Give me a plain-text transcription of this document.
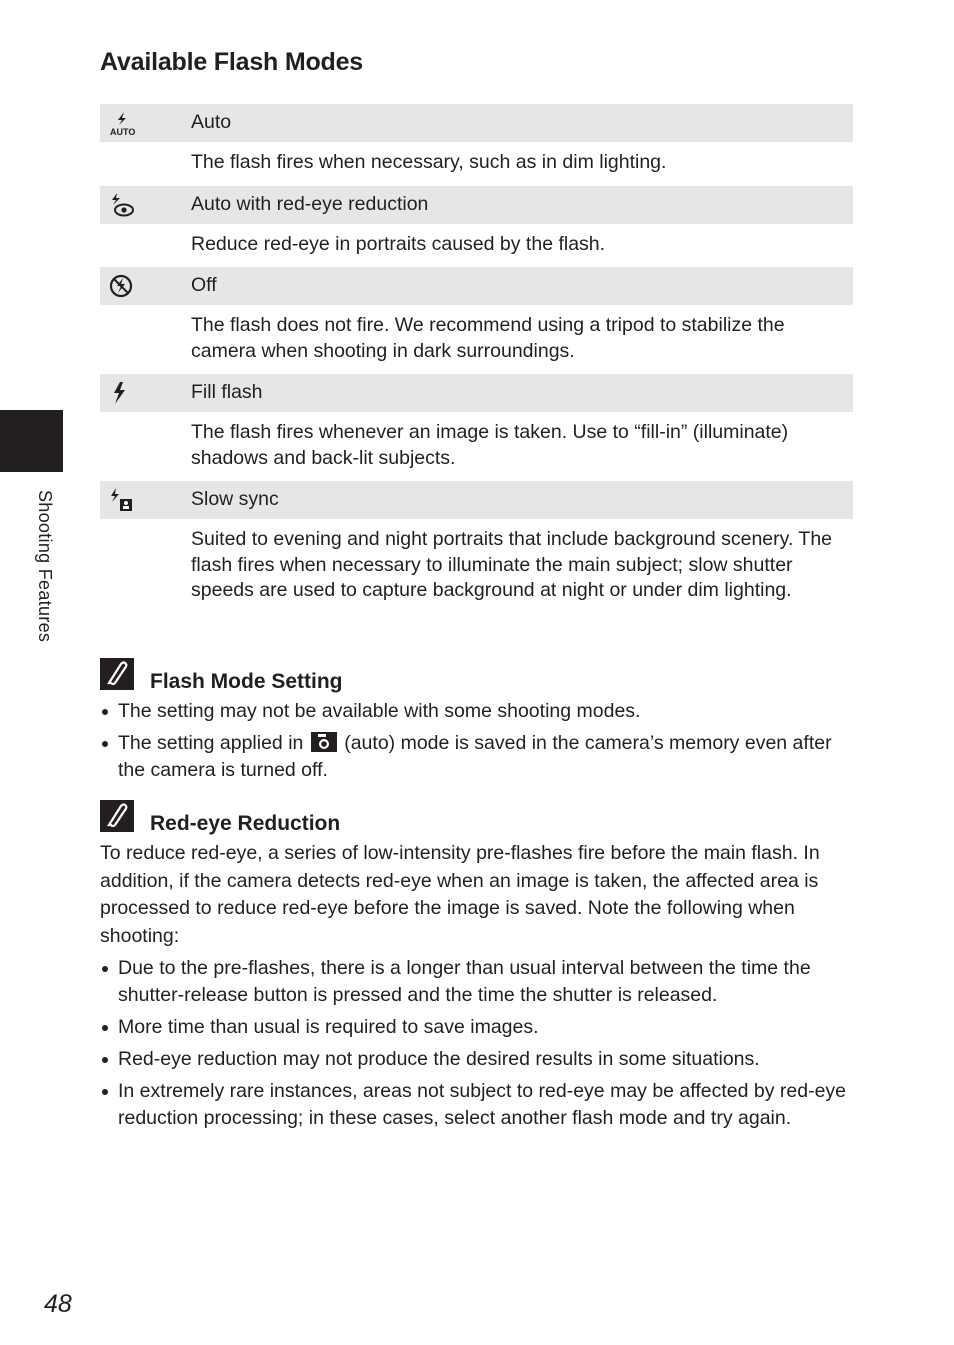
Available Flash Modes
Shooting Features
AUTO	Auto
The flash fires when necessary, such as in dim lighting.
Auto with red-eye reduction
Reduce red-eye in portraits caused by the flash.
Off
The flash does not fire. We recommend using a tripod to stabilize the camera when shooting in dark surroundings.
Fill flash
The flash fires whenever an image is taken. Use to “fill-in” (illuminate) shadows and back-lit subjects.
Slow sync
Suited to evening and night portraits that include background scenery. The flash fires when necessary to illuminate the main subject; slow shutter speeds are used to capture background at night or under dim lighting.
Flash Mode Setting
The setting may not be available with some shooting modes.
The setting applied in (auto) mode is saved in the camera’s memory even after the camera is turned off.
Red-eye Reduction
To reduce red-eye, a series of low-intensity pre-flashes fire before the main flash. In addition, if the camera detects red-eye when an image is taken, the affected area is processed to reduce red-eye before the image is saved. Note the following when shooting:
Due to the pre-flashes, there is a longer than usual interval between the time the shutter-release button is pressed and the time the shutter is released.
More time than usual is required to save images.
Red-eye reduction may not produce the desired results in some situations.
In extremely rare instances, areas not subject to red-eye may be affected by red-eye reduction processing; in these cases, select another flash mode and try again.
48
